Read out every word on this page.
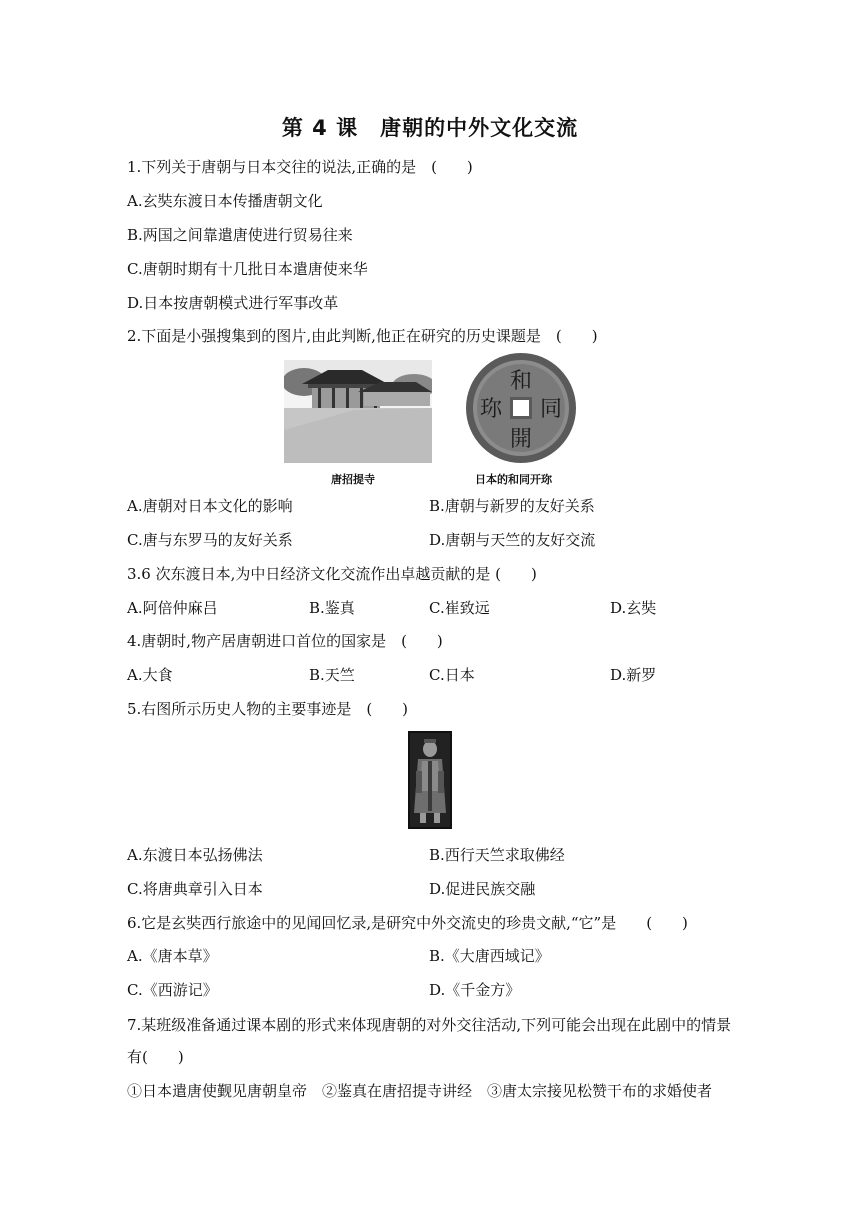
第 4 课　唐朝的中外文化交流
1.下列关于唐朝与日本交往的说法,正确的是　(　　)
A.玄奘东渡日本传播唐朝文化
B.两国之间靠遣唐使进行贸易往来
C.唐朝时期有十几批日本遣唐使来华
D.日本按唐朝模式进行军事改革
2.下面是小强搜集到的图片,由此判断,他正在研究的历史课题是　(　　)
唐招提寺
和
同
開
珎
日本的和同开珎
A.唐朝对日本文化的影响	B.唐朝与新罗的友好关系
C.唐与东罗马的友好关系	D.唐朝与天竺的友好交流
3.6 次东渡日本,为中日经济文化交流作出卓越贡献的是 (　　)
A.阿倍仲麻吕	B.鉴真	C.崔致远	D.玄奘
4.唐朝时,物产居唐朝进口首位的国家是　(　　)
A.大食	B.天竺	C.日本	D.新罗
5.右图所示历史人物的主要事迹是　(　　)
A.东渡日本弘扬佛法	B.西行天竺求取佛经
C.将唐典章引入日本	D.促进民族交融
6.它是玄奘西行旅途中的见闻回忆录,是研究中外交流史的珍贵文献,“它”是　　(　　)
A.《唐本草》	B.《大唐西域记》
C.《西游记》	D.《千金方》
7.某班级准备通过课本剧的形式来体现唐朝的对外交往活动,下列可能会出现在此剧中的情景
有(　　)
①日本遣唐使觐见唐朝皇帝　②鉴真在唐招提寺讲经　③唐太宗接见松赞干布的求婚使者
